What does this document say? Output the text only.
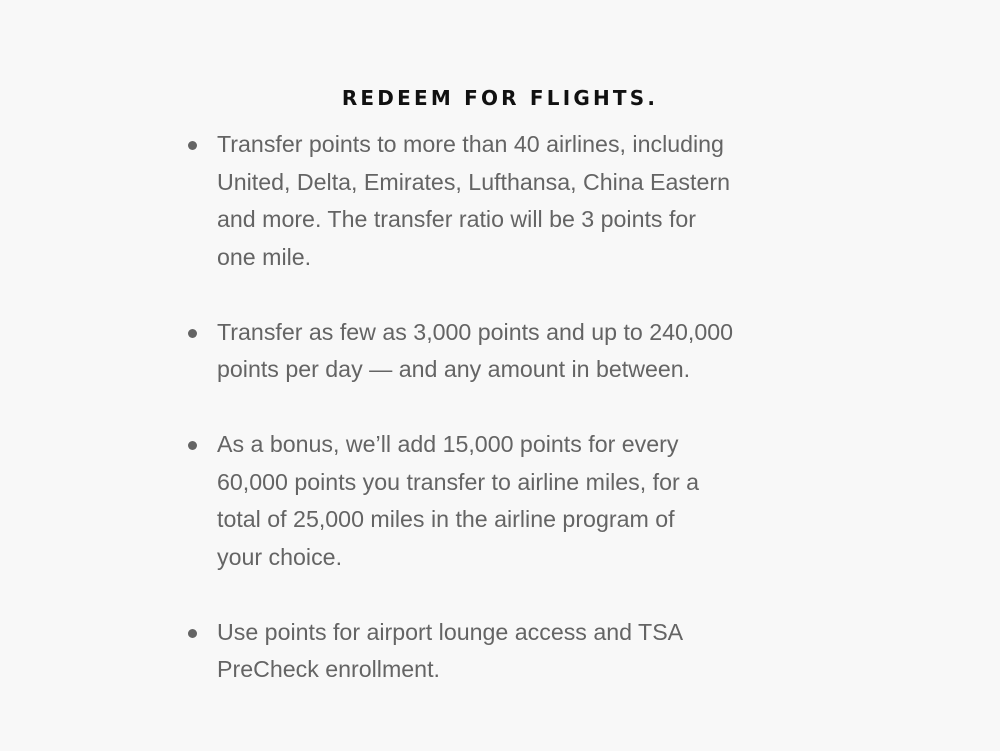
REDEEM FOR FLIGHTS.
Transfer points to more than 40 airlines, including
United, Delta, Emirates, Lufthansa, China Eastern
and more. The transfer ratio will be 3 points for
one mile.
Transfer as few as 3,000 points and up to 240,000
points per day — and any amount in between.
As a bonus, we’ll add 15,000 points for every
60,000 points you transfer to airline miles, for a
total of 25,000 miles in the airline program of
your choice.
Use points for airport lounge access and TSA
PreCheck enrollment.
